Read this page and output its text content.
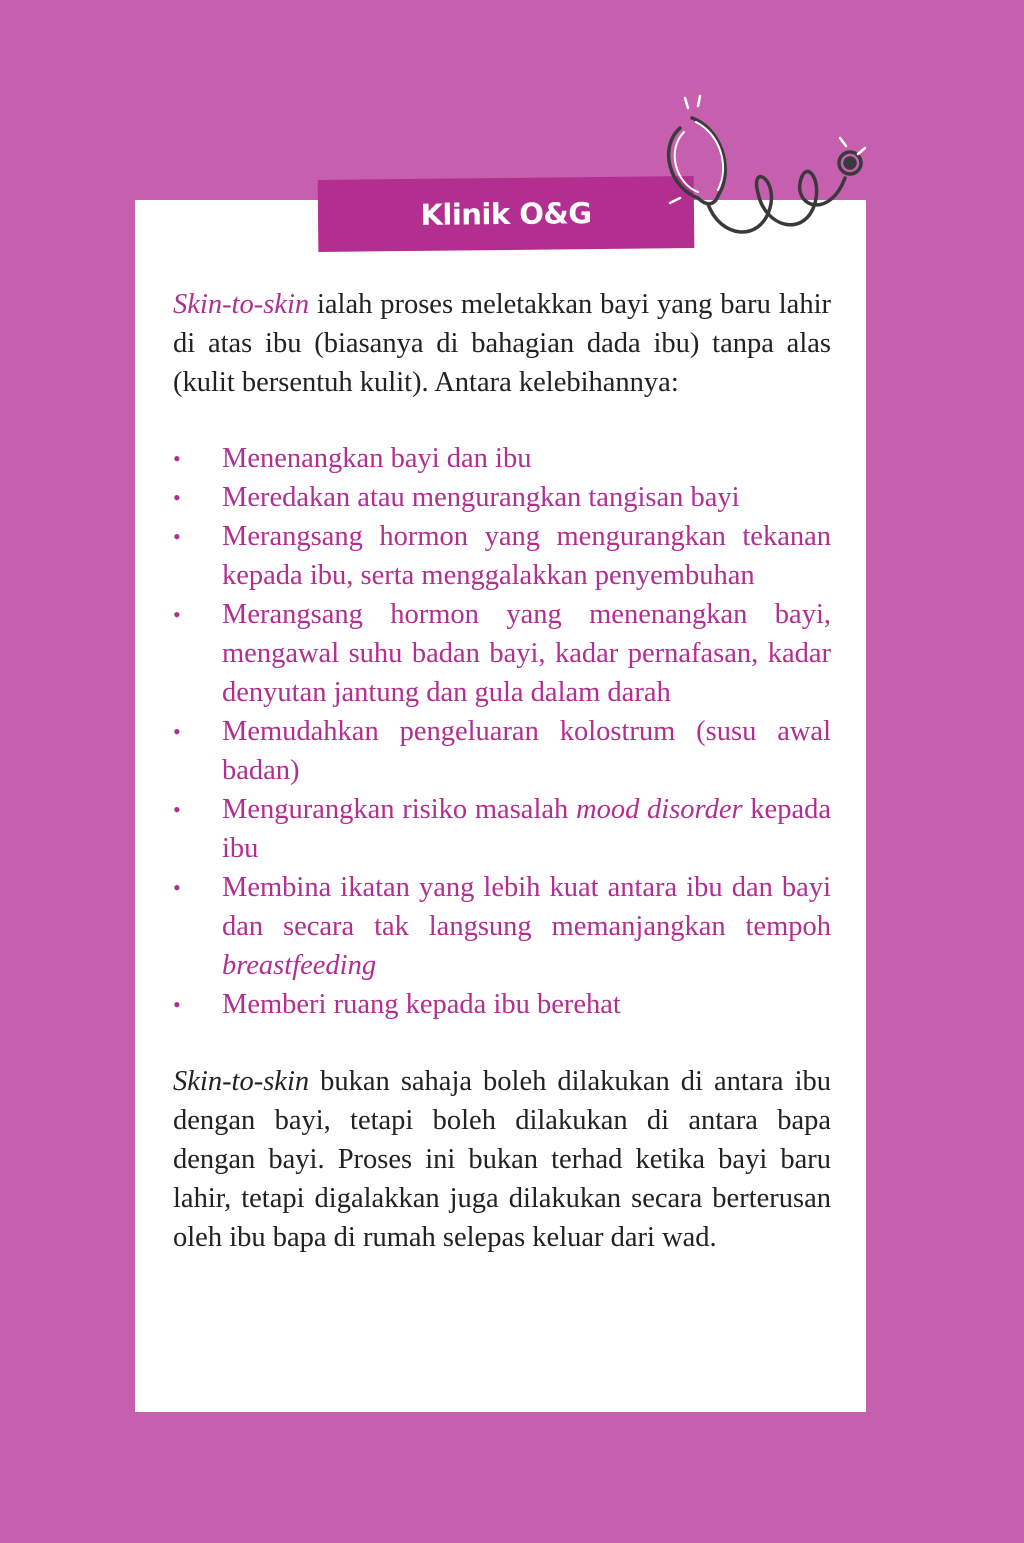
Klinik O&G

Skin-to-skin ialah proses meletakkan bayi yang baru lahir di atas ibu (biasanya di bahagian dada ibu) tanpa alas (kulit bersentuh kulit). Antara kelebihannya:

• Menenangkan bayi dan ibu
• Meredakan atau mengurangkan tangisan bayi
• Merangsang hormon yang mengurangkan tekanan kepada ibu, serta menggalakkan penyembuhan
• Merangsang hormon yang menenangkan bayi, mengawal suhu badan bayi, kadar pernafasan, kadar denyutan jantung dan gula dalam darah
• Memudahkan pengeluaran kolostrum (susu awal badan)
• Mengurangkan risiko masalah mood disorder kepada ibu
• Membina ikatan yang lebih kuat antara ibu dan bayi dan secara tak langsung memanjangkan tempoh breastfeeding
• Memberi ruang kepada ibu berehat

Skin-to-skin bukan sahaja boleh dilakukan di antara ibu dengan bayi, tetapi boleh dilakukan di antara bapa dengan bayi. Proses ini bukan terhad ketika bayi baru lahir, tetapi digalakkan juga dilakukan secara berterusan oleh ibu bapa di rumah selepas keluar dari wad.
